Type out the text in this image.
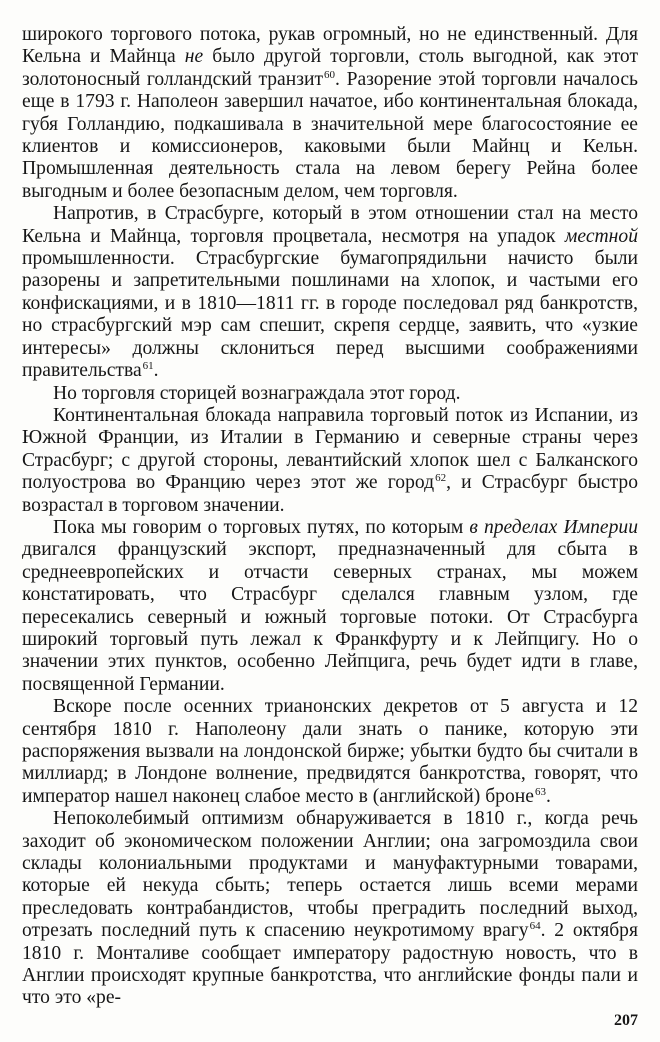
широкого торгового потока, рукав огромный, но не единственный. Для Кельна и Майнца не было другой торговли, столь выгодной, как этот золотоносный голландский транзит$^{60}$. Разорение этой торговли началось еще в 1793 г. Наполеон завершил начатое, ибо континентальная блокада, губя Голландию, подкашивала в значительной мере благосостояние ее клиентов и комиссионеров, каковыми были Майнц и Кельн. Промышленная деятельность стала на левом берегу Рейна более выгодным и более безопасным делом, чем торговля.

Напротив, в Страсбурге, который в этом отношении стал на место Кельна и Майнца, торговля процветала, несмотря на упадок местной промышленности. Страсбургские бумагопрядильни начисто были разорены и запретительными пошлинами на хлопок, и частыми его конфискациями, и в 1810—1811 гг. в городе последовал ряд банкротств, но страсбургский мэр сам спешит, скрепя сердце, заявить, что «узкие интересы» должны склониться перед высшими соображениями правительства$^{61}$.

Но торговля сторицей вознаграждала этот город.

Континентальная блокада направила торговый поток из Испании, из Южной Франции, из Италии в Германию и северные страны через Страсбург; с другой стороны, левантийский хлопок шел с Балканского полуострова во Францию через этот же город$^{62}$, и Страсбург быстро возрастал в торговом значении.

Пока мы говорим о торговых путях, по которым в пределах Империи двигался французский экспорт, предназначенный для сбыта в среднеевропейских и отчасти северных странах, мы можем констатировать, что Страсбург сделался главным узлом, где пересекались северный и южный торговые потоки. От Страсбурга широкий торговый путь лежал к Франкфурту и к Лейпцигу. Но о значении этих пунктов, особенно Лейпцига, речь будет идти в главе, посвященной Германии.

Вскоре после осенних трианонских декретов от 5 августа и 12 сентября 1810 г. Наполеону дали знать о панике, которую эти распоряжения вызвали на лондонской бирже; убытки будто бы считали в миллиард; в Лондоне волнение, предвидятся банкротства, говорят, что император нашел наконец слабое место в (английской) броне$^{63}$.

Непоколебимый оптимизм обнаруживается в 1810 г., когда речь заходит об экономическом положении Англии; она загромоздила свои склады колониальными продуктами и мануфактурными товарами, которые ей некуда сбыть; теперь остается лишь всеми мерами преследовать контрабандистов, чтобы преградить последний выход, отрезать последний путь к спасению неукротимому врагу$^{64}$. 2 октября 1810 г. Монталиве сообщает императору радостную новость, что в Англии происходят крупные банкротства, что английские фонды пали и что это «ре-

207
